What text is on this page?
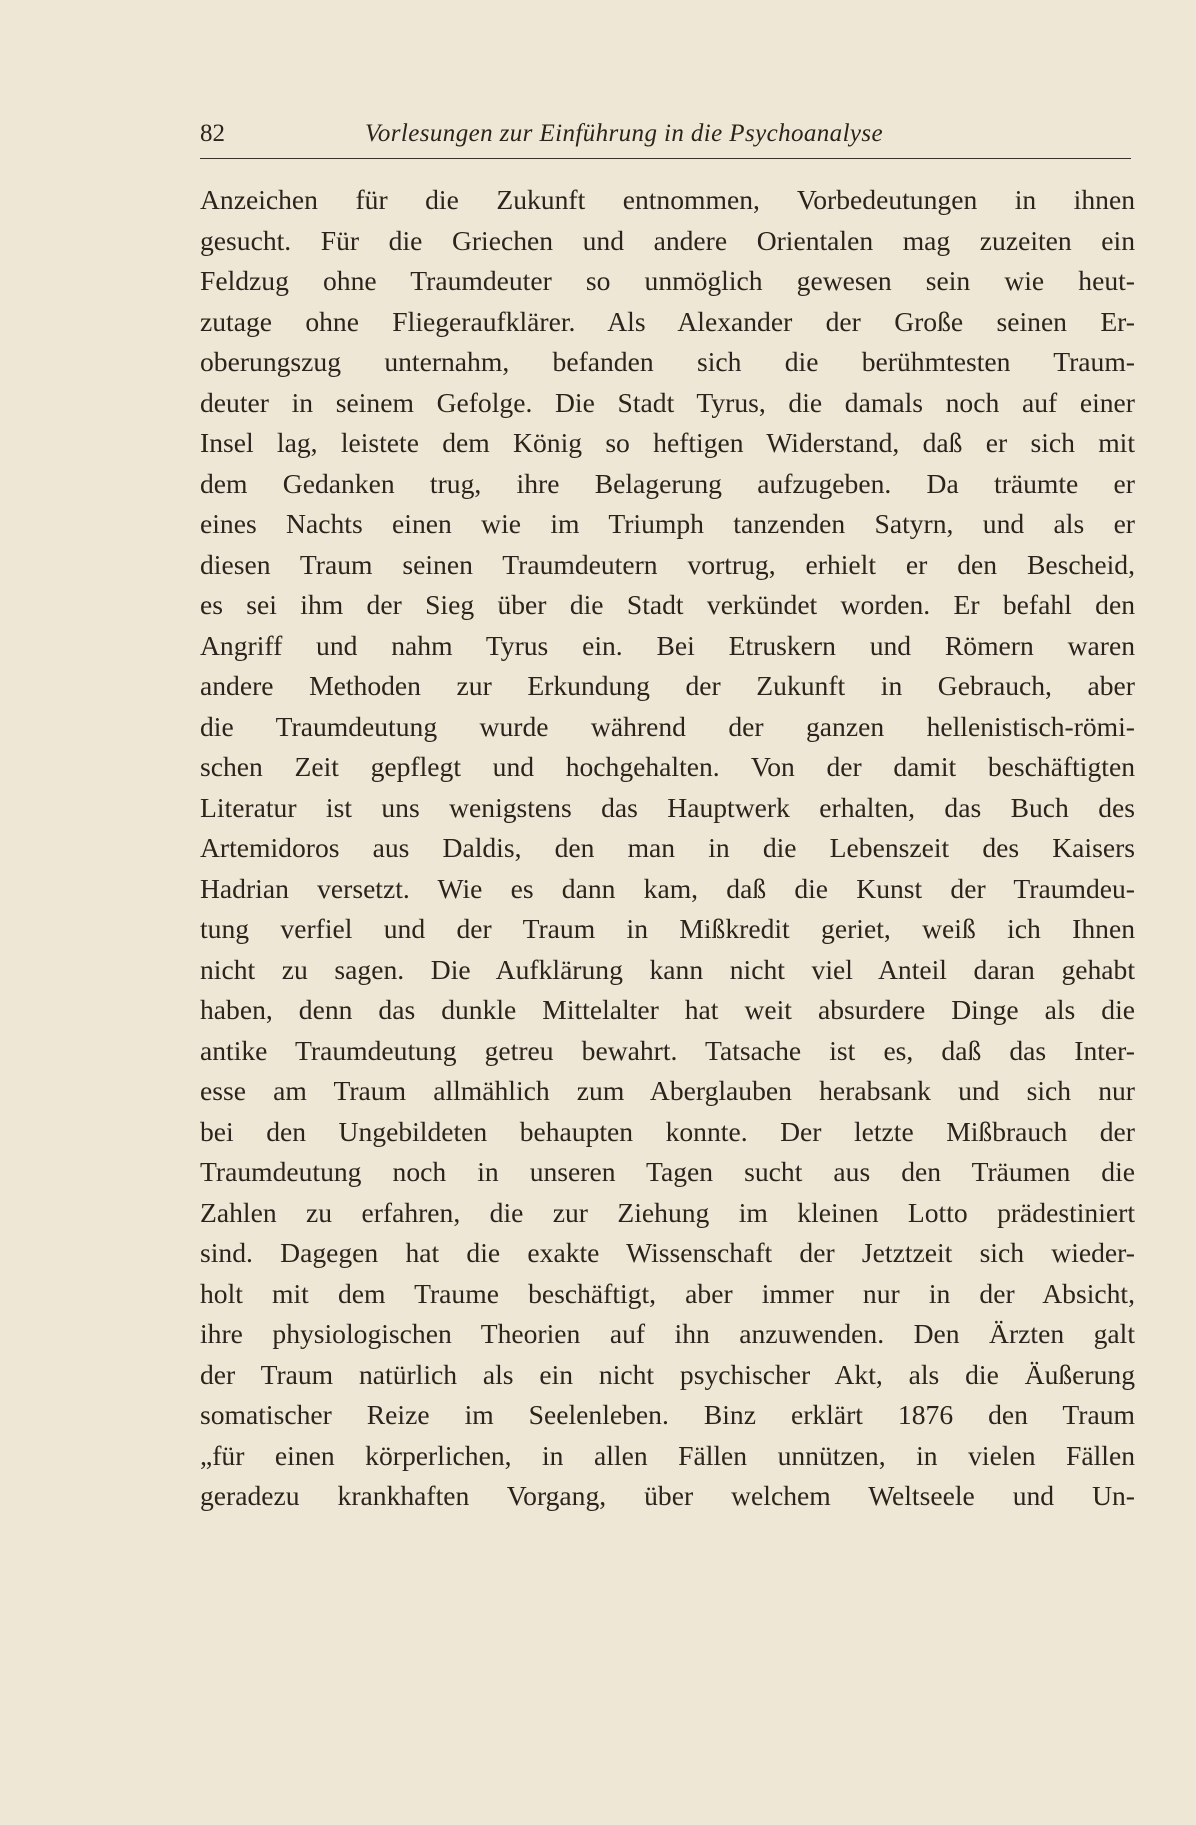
82	Vorlesungen zur Einführung in die Psychoanalyse
Anzeichen für die Zukunft entnommen, Vorbedeutungen in ihnen
gesucht. Für die Griechen und andere Orientalen mag zuzeiten ein
Feldzug ohne Traumdeuter so unmöglich gewesen sein wie heut-
zutage ohne Fliegeraufklärer. Als Alexander der Große seinen Er-
oberungszug unternahm, befanden sich die berühmtesten Traum-
deuter in seinem Gefolge. Die Stadt Tyrus, die damals noch auf einer
Insel lag, leistete dem König so heftigen Widerstand, daß er sich mit
dem Gedanken trug, ihre Belagerung aufzugeben. Da träumte er
eines Nachts einen wie im Triumph tanzenden Satyrn, und als er
diesen Traum seinen Traumdeutern vortrug, erhielt er den Bescheid,
es sei ihm der Sieg über die Stadt verkündet worden. Er befahl den
Angriff und nahm Tyrus ein. Bei Etruskern und Römern waren
andere Methoden zur Erkundung der Zukunft in Gebrauch, aber
die Traumdeutung wurde während der ganzen hellenistisch-römi-
schen Zeit gepflegt und hochgehalten. Von der damit beschäftigten
Literatur ist uns wenigstens das Hauptwerk erhalten, das Buch des
Artemidoros aus Daldis, den man in die Lebenszeit des Kaisers
Hadrian versetzt. Wie es dann kam, daß die Kunst der Traumdeu-
tung verfiel und der Traum in Mißkredit geriet, weiß ich Ihnen
nicht zu sagen. Die Aufklärung kann nicht viel Anteil daran gehabt
haben, denn das dunkle Mittelalter hat weit absurdere Dinge als die
antike Traumdeutung getreu bewahrt. Tatsache ist es, daß das Inter-
esse am Traum allmählich zum Aberglauben herabsank und sich nur
bei den Ungebildeten behaupten konnte. Der letzte Mißbrauch der
Traumdeutung noch in unseren Tagen sucht aus den Träumen die
Zahlen zu erfahren, die zur Ziehung im kleinen Lotto prädestiniert
sind. Dagegen hat die exakte Wissenschaft der Jetztzeit sich wieder-
holt mit dem Traume beschäftigt, aber immer nur in der Absicht,
ihre physiologischen Theorien auf ihn anzuwenden. Den Ärzten galt
der Traum natürlich als ein nicht psychischer Akt, als die Äußerung
somatischer Reize im Seelenleben. Binz erklärt 1876 den Traum
„für einen körperlichen, in allen Fällen unnützen, in vielen Fällen
geradezu krankhaften Vorgang, über welchem Weltseele und Un-
